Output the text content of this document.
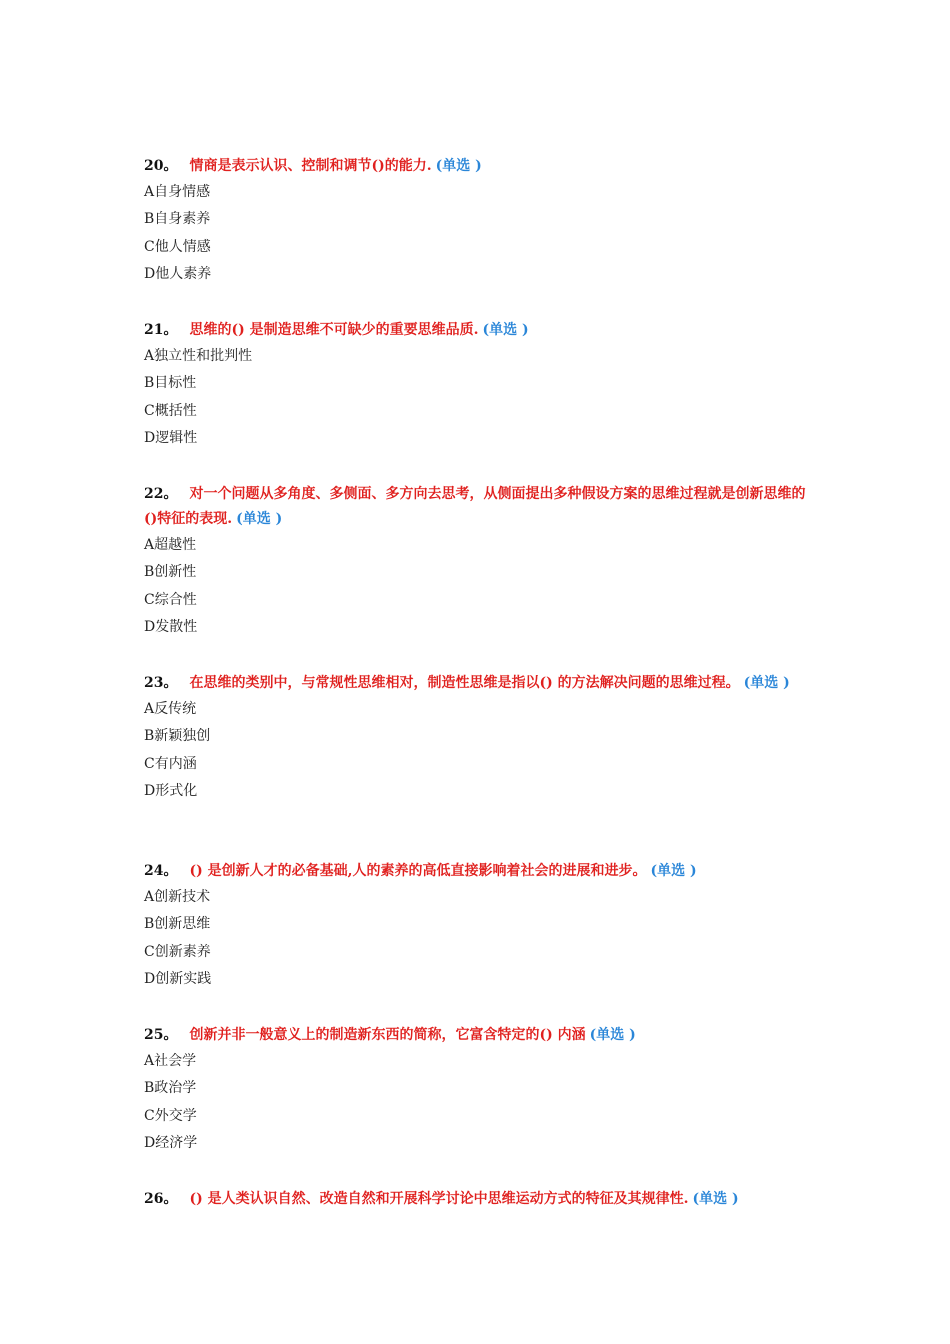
20。 情商是表示认识、控制和调节()的能力. (单选 )

A自身情感

B自身素养

C他人情感

D他人素养

21。 思维的() 是制造思维不可缺少的重要思维品质. (单选 )

A独立性和批判性

B目标性

C概括性

D逻辑性

22。 对一个问题从多角度、多侧面、多方向去思考，从侧面提出多种假设方案的思维过程就是创新思维的 ()特征的表现. (单选 )

A超越性

B创新性

C综合性

D发散性

23。 在思维的类别中，与常规性思维相对，制造性思维是指以() 的方法解决问题的思维过程。 (单选 )

A反传统

B新颖独创

C有内涵

D形式化

24。 () 是创新人才的必备基础,人的素养的高低直接影响着社会的进展和进步。 (单选 )

A创新技术

B创新思维

C创新素养

D创新实践

25。 创新并非一般意义上的制造新东西的简称，它富含特定的() 内涵 (单选 )

A社会学

B政治学

C外交学

D经济学

26。 () 是人类认识自然、改造自然和开展科学讨论中思维运动方式的特征及其规律性. (单选 )
